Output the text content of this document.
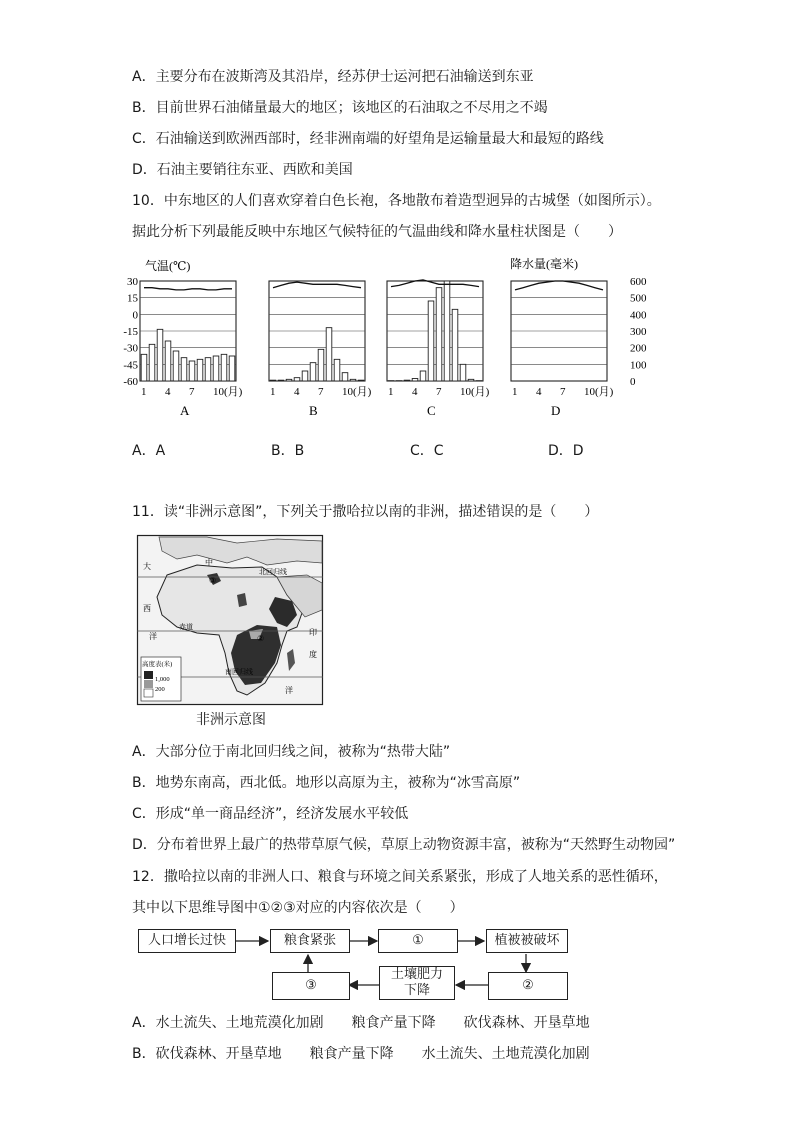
A．主要分布在波斯湾及其沿岸，经苏伊士运河把石油输送到东亚
B．目前世界石油储量最大的地区；该地区的石油取之不尽用之不竭
C．石油输送到欧洲西部时，经非洲南端的好望角是运输量最大和最短的路线
D．石油主要销往东亚、西欧和美国
10．中东地区的人们喜欢穿着白色长袍，各地散布着造型迥异的古城堡（如图所示）。
据此分析下列最能反映中东地区气候特征的气温曲线和降水量柱状图是（　　）
气温(℃)	降水量(毫米)
30
15
0
-15
-30
-45
-60
600
500
400
300
200
100
0
1 4 7 10(月)
A
1 4 7 10(月)
B
1 4 7 10(月)
C
1 4 7 10(月)
D
A．A	B．B	C．C	D．D
11．读“非洲示意图”，下列关于撒哈拉以南的非洲，描述错误的是（　　）
高度表(米)
1,000
200
北回归线
南回归线
中
③
②
大
西
洋	印
度
洋
赤道
非洲示意图
A．大部分位于南北回归线之间，被称为“热带大陆”
B．地势东南高，西北低。地形以高原为主，被称为“冰雪高原”
C．形成“单一商品经济”，经济发展水平较低
D．分布着世界上最广的热带草原气候，草原上动物资源丰富，被称为“天然野生动物园”
12．撒哈拉以南的非洲人口、粮食与环境之间关系紧张，形成了人地关系的恶性循环，
其中以下思维导图中①②③对应的内容依次是（　　）
人口增长过快	粮食紧张	①	植被被破坏
②
土壤肥力下降
③
A．水土流失、土地荒漠化加剧　　粮食产量下降　　砍伐森林、开垦草地
B．砍伐森林、开垦草地　　粮食产量下降　　水土流失、土地荒漠化加剧
